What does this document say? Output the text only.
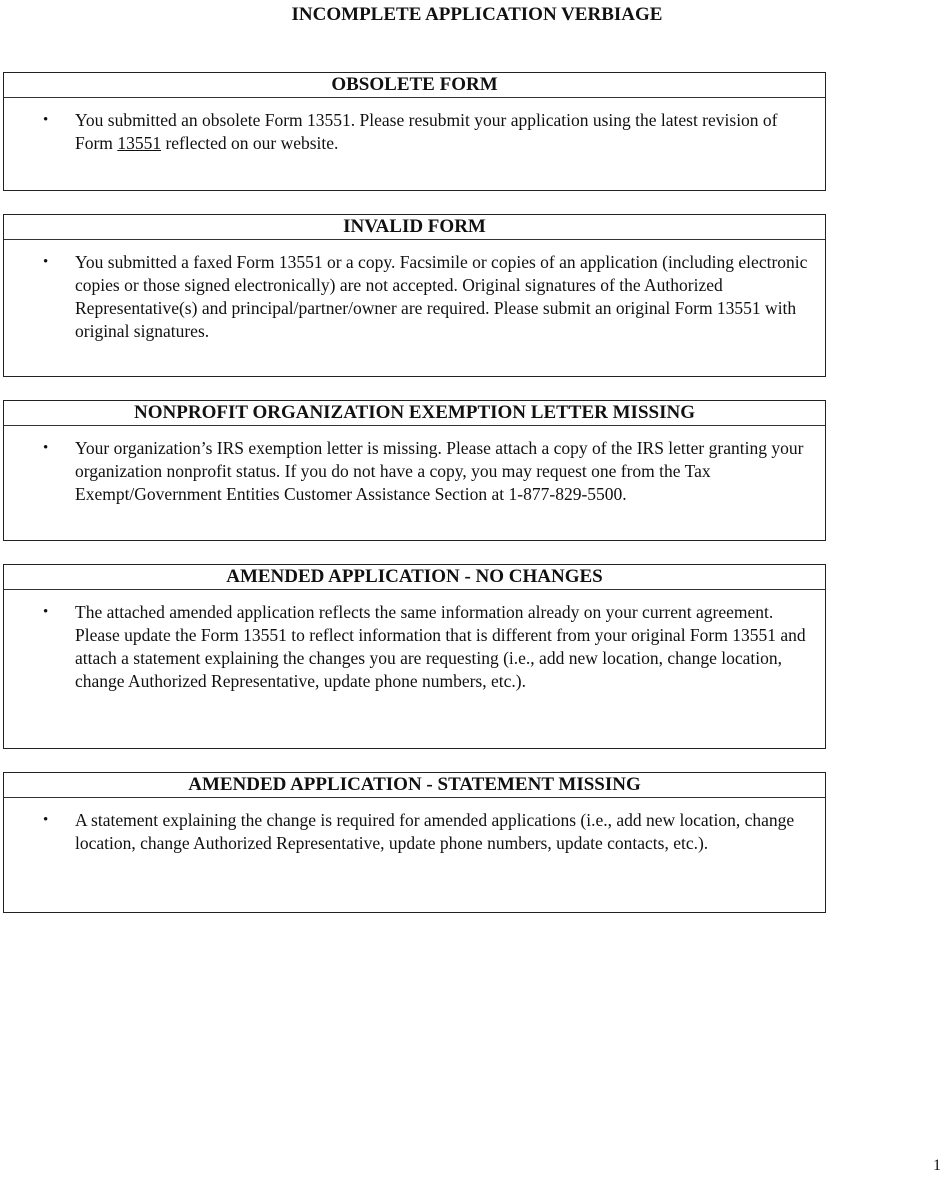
INCOMPLETE APPLICATION VERBIAGE
OBSOLETE FORM
• You submitted an obsolete Form 13551. Please resubmit your application using the latest revision of Form 13551 reflected on our website.
INVALID FORM
• You submitted a faxed Form 13551 or a copy. Facsimile or copies of an application (including electronic copies or those signed electronically) are not accepted. Original signatures of the Authorized Representative(s) and principal/partner/owner are required. Please submit an original Form 13551 with original signatures.
NONPROFIT ORGANIZATION EXEMPTION LETTER MISSING
• Your organization’s IRS exemption letter is missing. Please attach a copy of the IRS letter granting your organization nonprofit status. If you do not have a copy, you may request one from the Tax Exempt/Government Entities Customer Assistance Section at 1-877-829-5500.
AMENDED APPLICATION - NO CHANGES
• The attached amended application reflects the same information already on your current agreement. Please update the Form 13551 to reflect information that is different from your original Form 13551 and attach a statement explaining the changes you are requesting (i.e., add new location, change location, change Authorized Representative, update phone numbers, etc.).
AMENDED APPLICATION - STATEMENT MISSING
• A statement explaining the change is required for amended applications (i.e., add new location, change location, change Authorized Representative, update phone numbers, update contacts, etc.).
1
